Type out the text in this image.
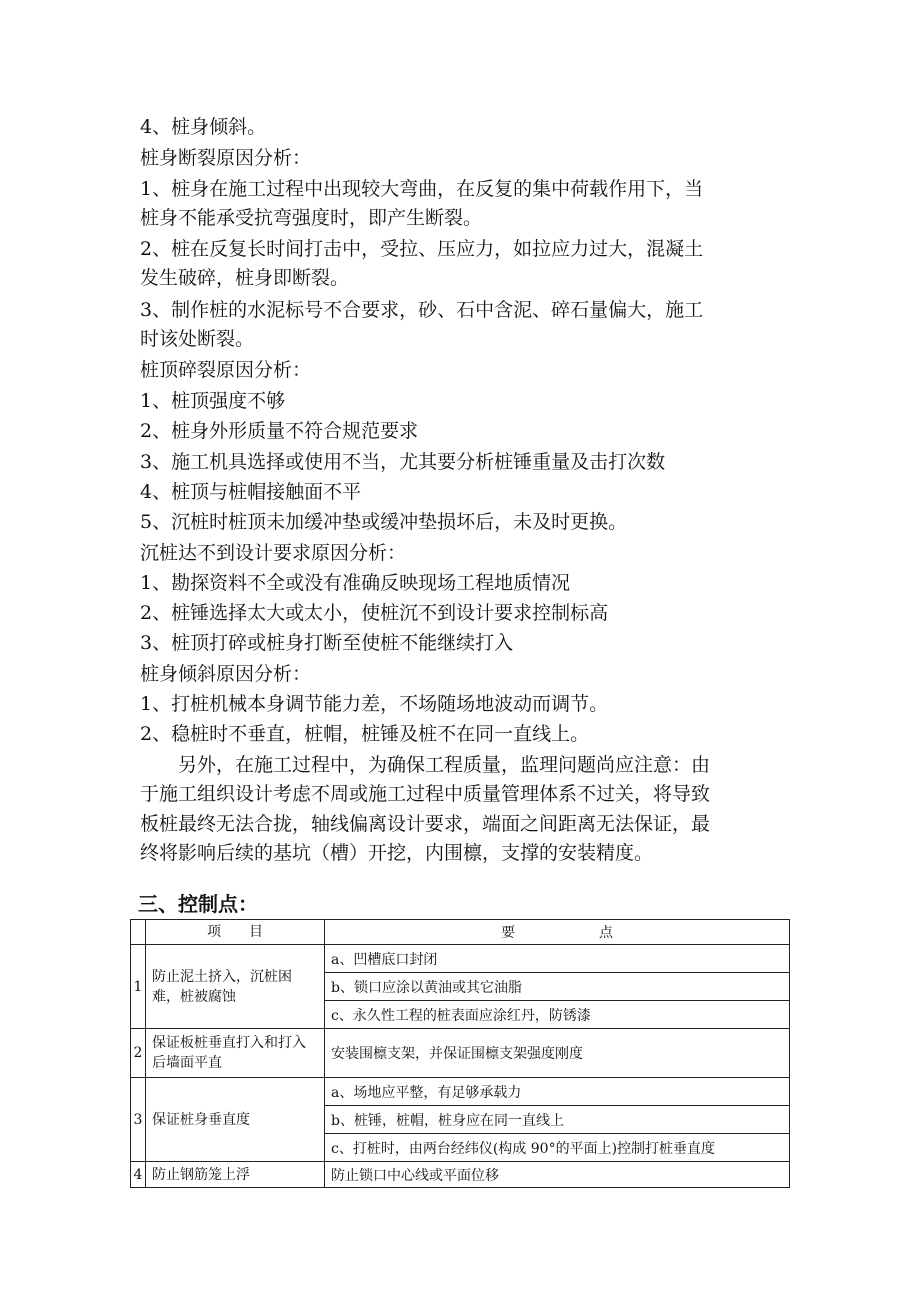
4、桩身倾斜。
桩身断裂原因分析：
1、桩身在施工过程中出现较大弯曲，在反复的集中荷载作用下，当
桩身不能承受抗弯强度时，即产生断裂。
2、桩在反复长时间打击中，受拉、压应力，如拉应力过大，混凝土
发生破碎，桩身即断裂。
3、制作桩的水泥标号不合要求，砂、石中含泥、碎石量偏大，施工
时该处断裂。
桩顶碎裂原因分析：
1、桩顶强度不够
2、桩身外形质量不符合规范要求
3、施工机具选择或使用不当，尤其要分析桩锤重量及击打次数
4、桩顶与桩帽接触面不平
5、沉桩时桩顶未加缓冲垫或缓冲垫损坏后，未及时更换。
沉桩达不到设计要求原因分析：
1、勘探资料不全或没有准确反映现场工程地质情况
2、桩锤选择太大或太小，使桩沉不到设计要求控制标高
3、桩顶打碎或桩身打断至使桩不能继续打入
桩身倾斜原因分析：
1、打桩机械本身调节能力差，不场随场地波动而调节。
2、稳桩时不垂直，桩帽，桩锤及桩不在同一直线上。
　　另外，在施工过程中，为确保工程质量，监理问题尚应注意：由
于施工组织设计考虑不周或施工过程中质量管理体系不过关，将导致
板桩最终无法合拢，轴线偏离设计要求，端面之间距离无法保证，最
终将影响后续的基坑（槽）开挖，内围檩，支撑的安装精度。
三、控制点：
	项　　目	要　　　　　　点
1	防止泥土挤入，沉桩困难，桩被腐蚀	a、凹槽底口封闭
		b、锁口应涂以黄油或其它油脂
		c、永久性工程的桩表面应涂红丹，防锈漆
2	保证板桩垂直打入和打入后墙面平直	安装围檩支架，并保证围檩支架强度刚度
3	保证桩身垂直度	a、场地应平整，有足够承载力
		b、桩锤，桩帽，桩身应在同一直线上
		c、打桩时，由两台经纬仪(构成 90°的平面上)控制打桩垂直度
4	防止钢筋笼上浮	防止锁口中心线或平面位移
